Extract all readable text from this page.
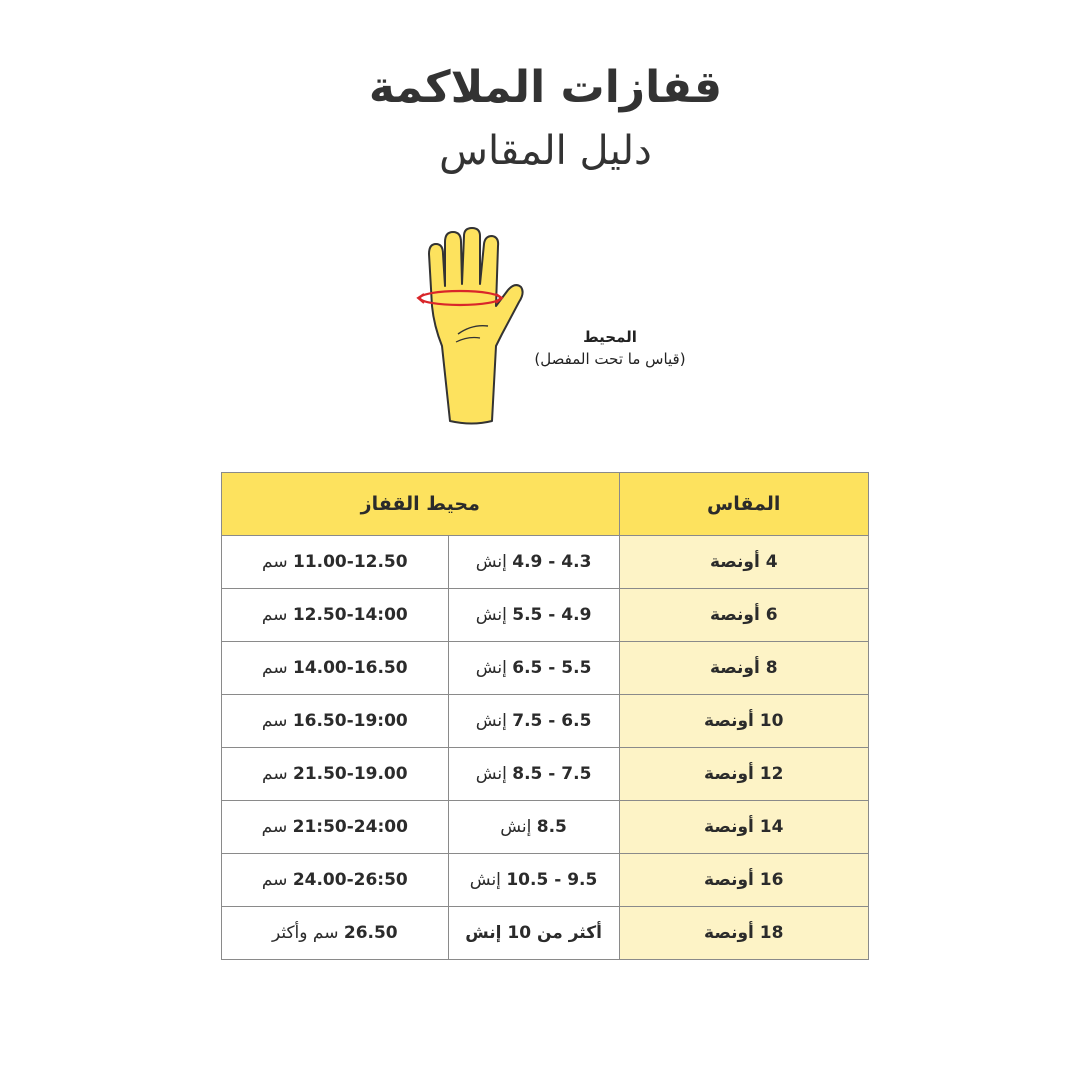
قفازات الملاكمة
دليل المقاس
المحيط
(قياس ما تحت المفصل)
المقاس	محيط القفاز	
4 أونصة	4.3 - 4.9 إنش	11.00-12.50 سم
6 أونصة	4.9 - 5.5 إنش	12.50-14:00 سم
8 أونصة	5.5 - 6.5 إنش	14.00-16.50 سم
10 أونصة	6.5 - 7.5 إنش	16.50-19:00 سم
12 أونصة	7.5 - 8.5 إنش	21.50-19.00 سم
14 أونصة	8.5 إنش	21:50-24:00 سم
16 أونصة	9.5 - 10.5 إنش	24.00-26:50 سم
18 أونصة	أكثر من 10 إنش	26.50 سم وأكثر
